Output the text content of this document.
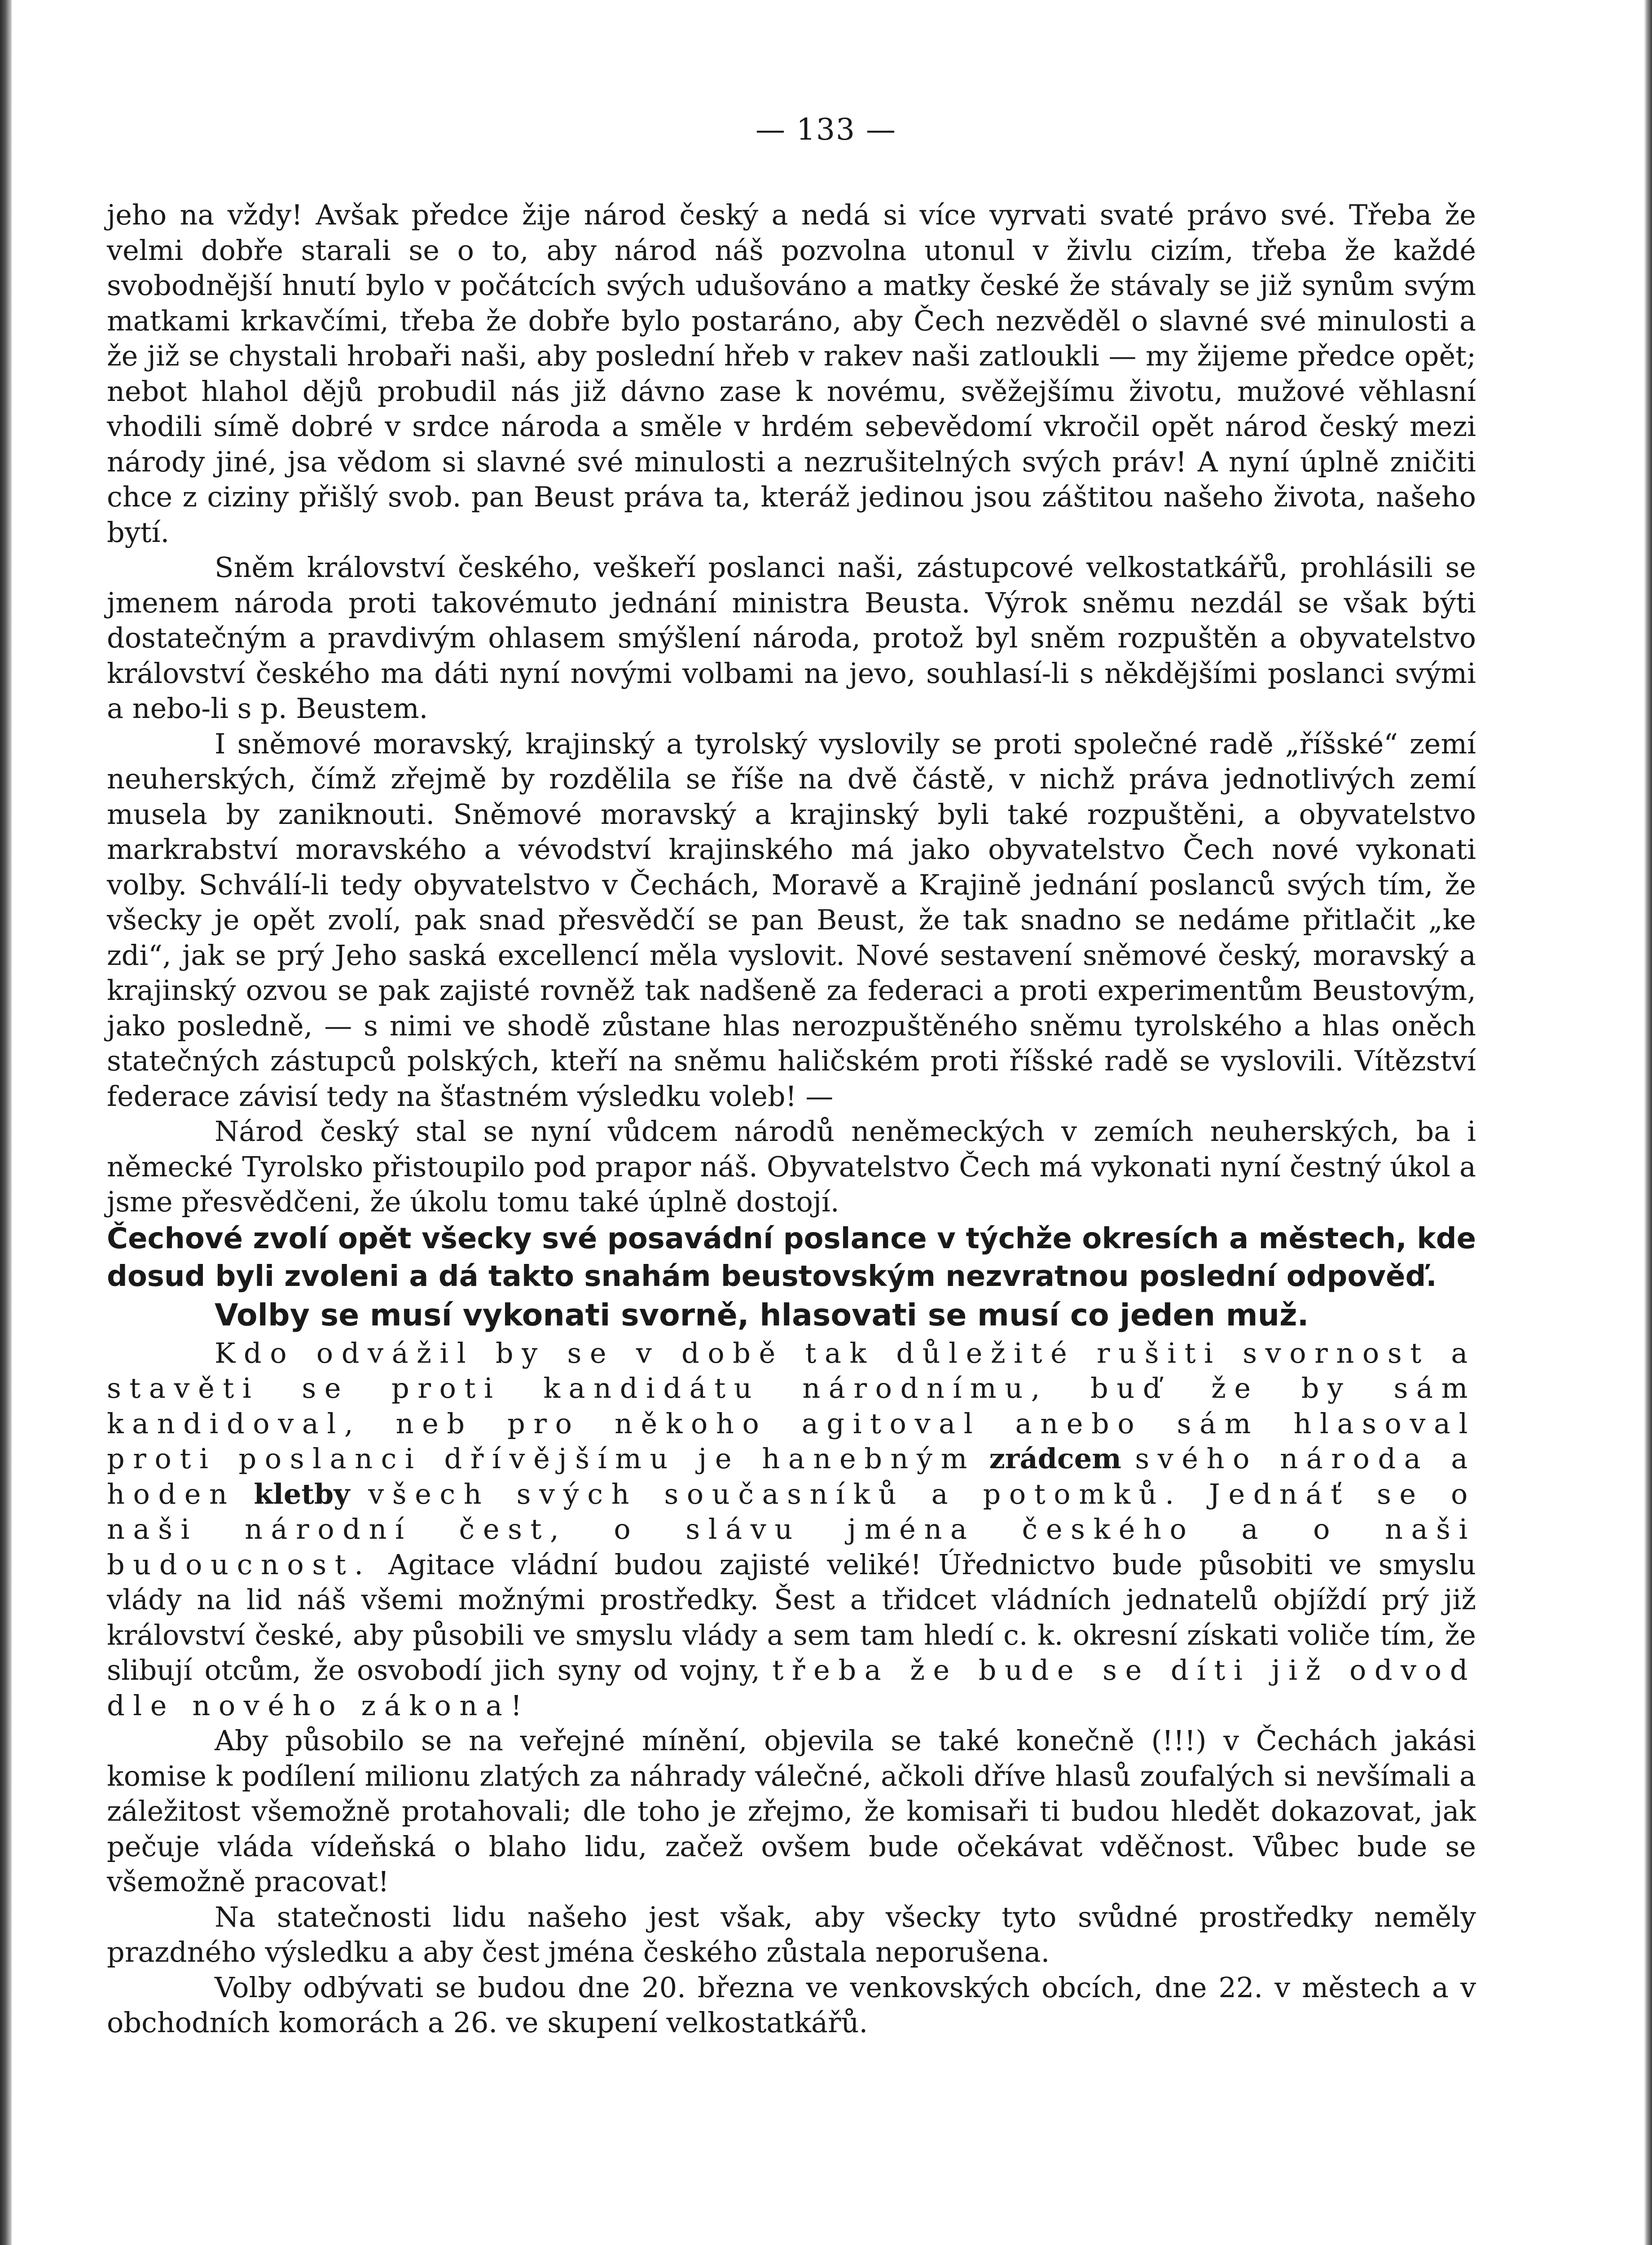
— 133 —

jeho na vždy! Avšak předce žije národ český a nedá si více vyrvati svaté právo své. Třeba že velmi dobře starali se o to, aby národ náš pozvolna utonul v živlu cizím, třeba že každé svobodnější hnutí bylo v počátcích svých udušováno a matky české že stávaly se již synům svým matkami krkavčími, třeba že dobře bylo postaráno, aby Čech nezvěděl o slavné své minulosti a že již se chystali hrobaři naši, aby poslední hřeb v rakev naši zatloukli — my žijeme předce opět; nebot hlahol dějů probudil nás již dávno zase k novému, svěžejšímu životu, mužové věhlasní vhodili símě dobré v srdce národa a směle v hrdém sebevědomí vkročil opět národ český mezi národy jiné, jsa vědom si slavné své minulosti a nezrušitelných svých práv! A nyní úplně zničiti chce z ciziny přišlý svob. pan Beust práva ta, kteráž jedinou jsou záštitou našeho života, našeho bytí.

Sněm království českého, veškeří poslanci naši, zástupcové velkostatkářů, prohlásili se jmenem národa proti takovémuto jednání ministra Beusta. Výrok sněmu nezdál se však býti dostatečným a pravdivým ohlasem smýšlení národa, protož byl sněm rozpuštěn a obyvatelstvo království českého ma dáti nyní novými volbami na jevo, souhlasí-li s někdějšími poslanci svými a nebo-li s p. Beustem.

I sněmové moravský, krajinský a tyrolský vyslovily se proti společné radě „říšské“ zemí neuherských, čímž zřejmě by rozdělila se říše na dvě částě, v nichž práva jednotlivých zemí musela by zaniknouti. Sněmové moravský a krajinský byli také rozpuštěni, a obyvatelstvo markrabství moravského a vévodství krajinského má jako obyvatelstvo Čech nové vykonati volby. Schválí-li tedy obyvatelstvo v Čechách, Moravě a Krajině jednání poslanců svých tím, že všecky je opět zvolí, pak snad přesvědčí se pan Beust, že tak snadno se nedáme přitlačit „ke zdi“, jak se prý Jeho saská excellencí měla vyslovit. Nové sestavení sněmové český, moravský a krajinský ozvou se pak zajisté rovněž tak nadšeně za federaci a proti experimentům Beustovým, jako posledně, — s nimi ve shodě zůstane hlas nerozpuštěného sněmu tyrolského a hlas oněch statečných zástupců polských, kteří na sněmu haličském proti říšské radě se vyslovili. Vítězství federace závisí tedy na šťastném výsledku voleb! —

Národ český stal se nyní vůdcem národů neněmeckých v zemích neuherských, ba i německé Tyrolsko přistoupilo pod prapor náš. Obyvatelstvo Čech má vykonati nyní čestný úkol a jsme přesvědčeni, že úkolu tomu také úplně dostojí.

Čechové zvolí opět všecky své posavádní poslance v týchže okresích a městech, kde dosud byli zvoleni a dá takto snahám beustovským nezvratnou poslední odpověď.

Volby se musí vykonati svorně, hlasovati se musí co jeden muž.

Kdo odvážil by se v době tak důležité rušiti svornost a stavěti se proti kandidátu národnímu, buď že by sám kandidoval, neb pro někoho agitoval anebo sám hlasoval proti poslanci dřívějšímu je hanebným zrádcem svého národa a hoden kletby všech svých současníků a potomků. Jednáť se o naši národní čest, o slávu jména českého a o naši budoucnost. Agitace vládní budou zajisté veliké! Úřednictvo bude působiti ve smyslu vlády na lid náš všemi možnými prostředky. Šest a třidcet vládních jednatelů objíždí prý již království české, aby působili ve smyslu vlády a sem tam hledí c. k. okresní získati voliče tím, že slibují otcům, že osvobodí jich syny od vojny, třeba že bude se díti již odvod dle nového zákona!

Aby působilo se na veřejné mínění, objevila se také konečně (!!!) v Čechách jakási komise k podílení milionu zlatých za náhrady válečné, ačkoli dříve hlasů zoufalých si nevšímali a záležitost všemožně protahovali; dle toho je zřejmo, že komisaři ti budou hledět dokazovat, jak pečuje vláda vídeňská o blaho lidu, začež ovšem bude očekávat vděčnost. Vůbec bude se všemožně pracovat!

Na statečnosti lidu našeho jest však, aby všecky tyto svůdné prostředky neměly prazdného výsledku a aby čest jména českého zůstala neporušena.

Volby odbývati se budou dne 20. března ve venkovských obcích, dne 22. v městech a v obchodních komorách a 26. ve skupení velkostatkářů.
